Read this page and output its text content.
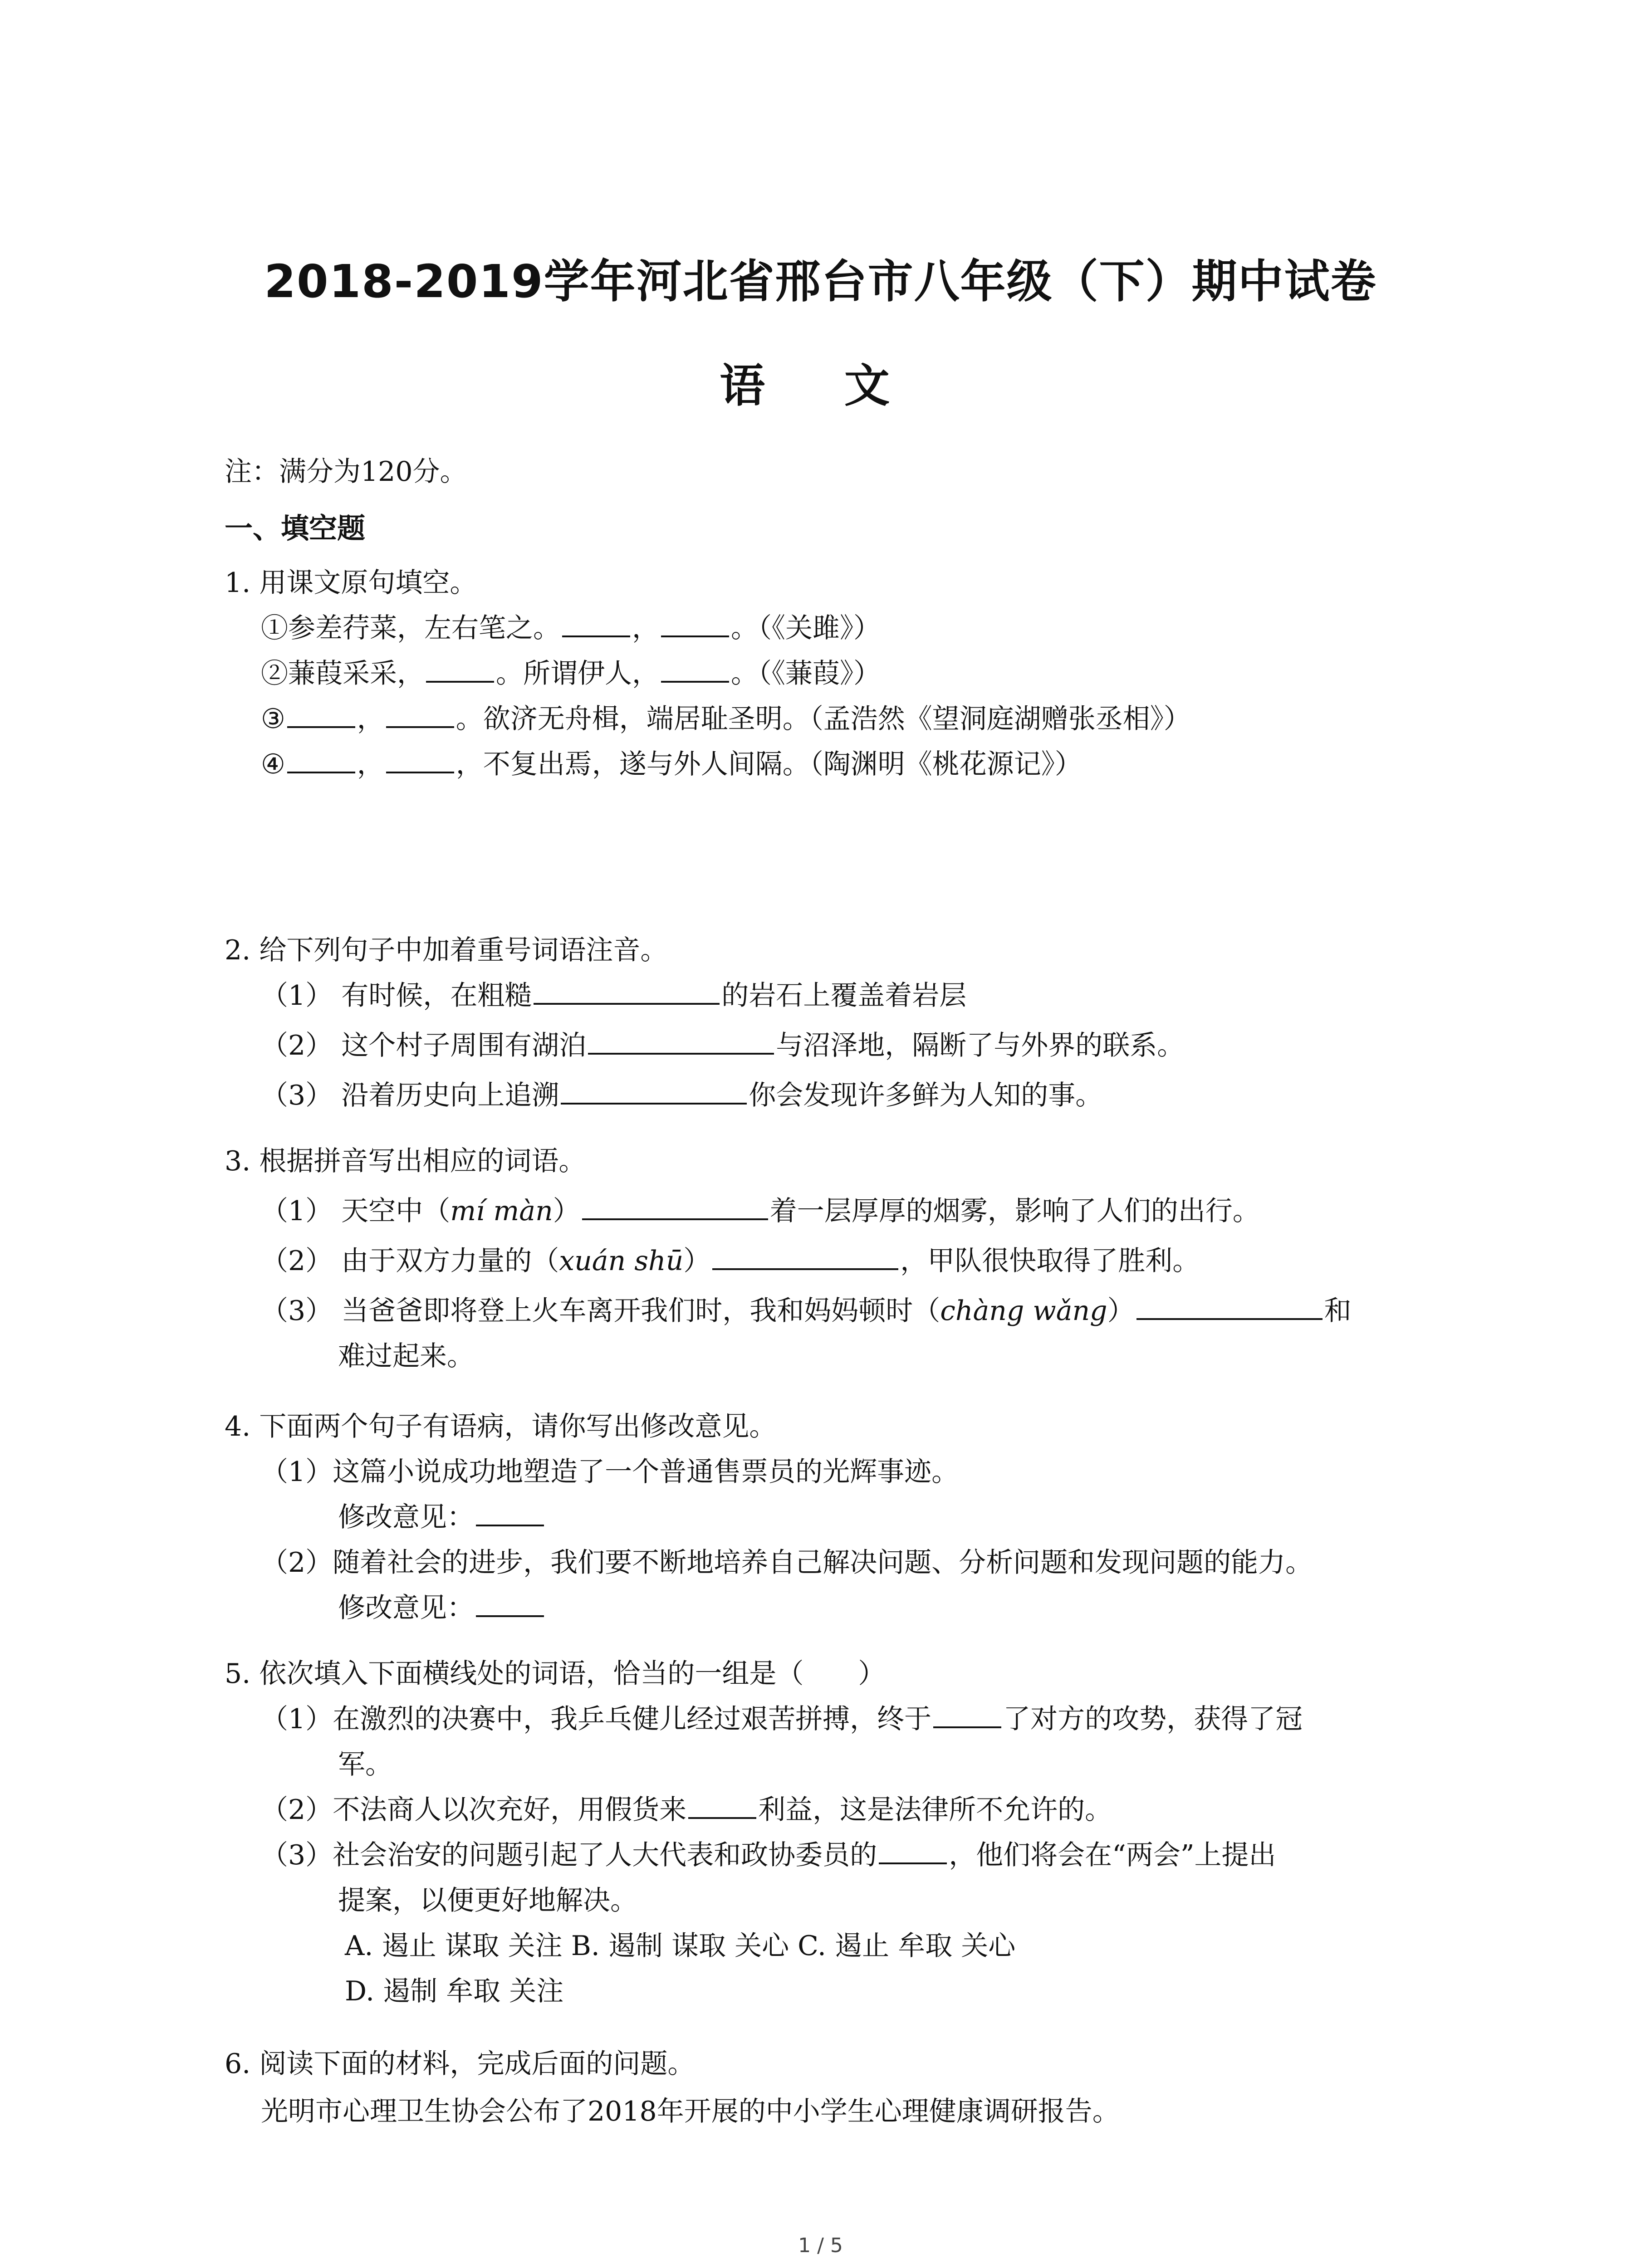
2018-2019学年河北省邢台市八年级（下）期中试卷
语 文
注：满分为120分。
一、填空题
1. 用课文原句填空。
①参差荇菜，左右笔之。	，	。（《关雎》）
②蒹葭采采，	。所谓伊人，	。（《蒹葭》）
③	，	。欲济无舟楫，端居耻圣明。（孟浩然《望洞庭湖赠张丞相》）
④	，	，不复出焉，遂与外人间隔。（陶渊明《桃花源记》）
2. 给下列句子中加着重号词语注音。
（1） 有时候，在粗糙	的岩石上覆盖着岩层
（2） 这个村子周围有湖泊	与沼泽地，隔断了与外界的联系。
（3） 沿着历史向上追溯	你会发现许多鲜为人知的事。
3. 根据拼音写出相应的词语。
（1） 天空中（mí màn）	着一层厚厚的烟雾，影响了人们的出行。
（2） 由于双方力量的（xuán shū）	，甲队很快取得了胜利。
（3） 当爸爸即将登上火车离开我们时，我和妈妈顿时（chàng wǎng）	和
难过起来。
4. 下面两个句子有语病，请你写出修改意见。
（1）这篇小说成功地塑造了一个普通售票员的光辉事迹。
修改意见：
（2）随着社会的进步，我们要不断地培养自己解决问题、分析问题和发现问题的能力。
修改意见：
5. 依次填入下面横线处的词语，恰当的一组是（　　）
（1）在激烈的决赛中，我乒乓健儿经过艰苦拼搏，终于	了对方的攻势，获得了冠
军。
（2）不法商人以次充好，用假货来	利益，这是法律所不允许的。
（3）社会治安的问题引起了人大代表和政协委员的	，他们将会在“两会”上提出
提案，以便更好地解决。
A. 遏止 谋取 关注 B. 遏制 谋取 关心 C. 遏止 牟取 关心
D. 遏制 牟取 关注
6. 阅读下面的材料，完成后面的问题。
光明市心理卫生协会公布了2018年开展的中小学生心理健康调研报告。
1 / 5
